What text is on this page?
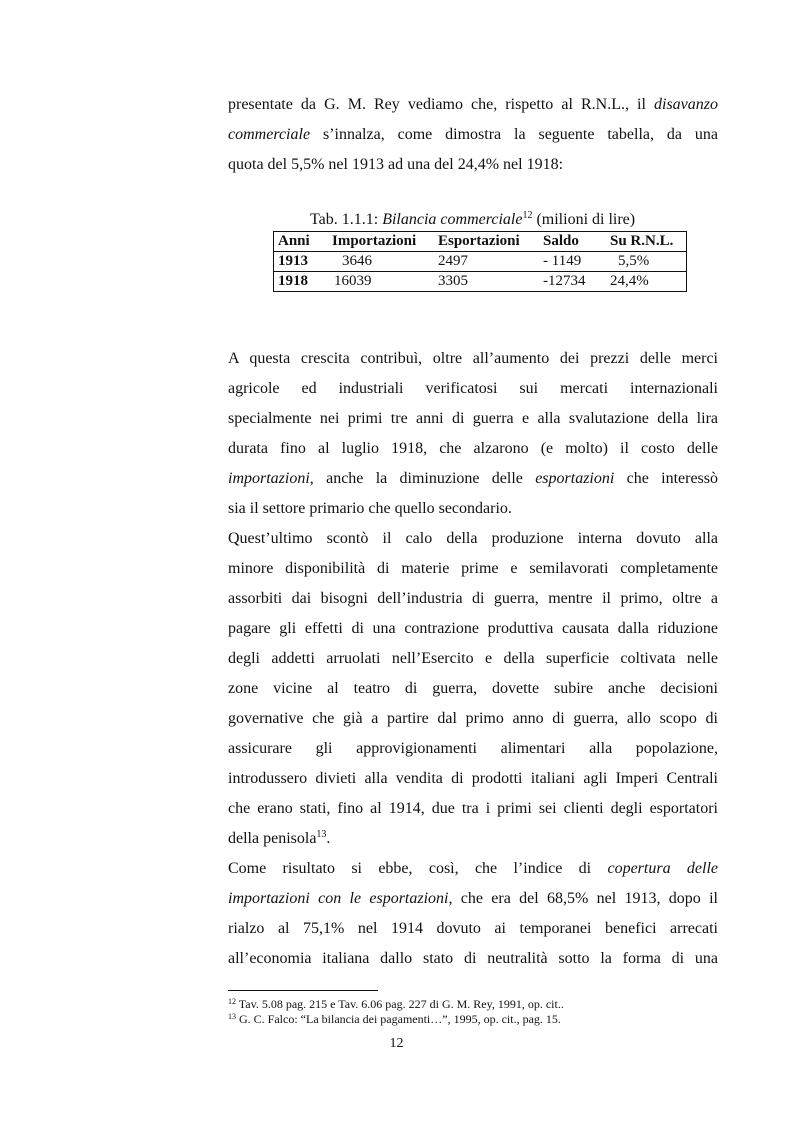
presentate da G. M. Rey vediamo che, rispetto al R.N.L., il disavanzo
commerciale s’innalza, come dimostra la seguente tabella, da una
quota del 5,5% nel 1913 ad una del 24,4% nel 1918:
Tab. 1.1.1: Bilancia commerciale$^{12}$ (milioni di lire)
Anni	Importazioni	Esportazioni	Saldo	Su R.N.L.
1913	3646	2497	- 1149	5,5%
1918	16039	3305	-12734	24,4%
A questa crescita contribuì, oltre all’aumento dei prezzi delle merci
agricole ed industriali verificatosi sui mercati internazionali
specialmente nei primi tre anni di guerra e alla svalutazione della lira
durata fino al luglio 1918, che alzarono (e molto) il costo delle
importazioni, anche la diminuzione delle esportazioni che interessò
sia il settore primario che quello secondario.
Quest’ultimo scontò il calo della produzione interna dovuto alla
minore disponibilità di materie prime e semilavorati completamente
assorbiti dai bisogni dell’industria di guerra, mentre il primo, oltre a
pagare gli effetti di una contrazione produttiva causata dalla riduzione
degli addetti arruolati nell’Esercito e della superficie coltivata nelle
zone vicine al teatro di guerra, dovette subire anche decisioni
governative che già a partire dal primo anno di guerra, allo scopo di
assicurare gli approvigionamenti alimentari alla popolazione,
introdussero divieti alla vendita di prodotti italiani agli Imperi Centrali
che erano stati, fino al 1914, due tra i primi sei clienti degli esportatori
della penisola$^{13}$.
Come risultato si ebbe, così, che l’indice di copertura delle
importazioni con le esportazioni, che era del 68,5% nel 1913, dopo il
rialzo al 75,1% nel 1914 dovuto ai temporanei benefici arrecati
all’economia italiana dallo stato di neutralità sotto la forma di una
$^{12}$ Tav. 5.08 pag. 215 e Tav. 6.06 pag. 227 di G. M. Rey, 1991, op. cit..
$^{13}$ G. C. Falco: “La bilancia dei pagamenti…”, 1995, op. cit., pag. 15.
12
